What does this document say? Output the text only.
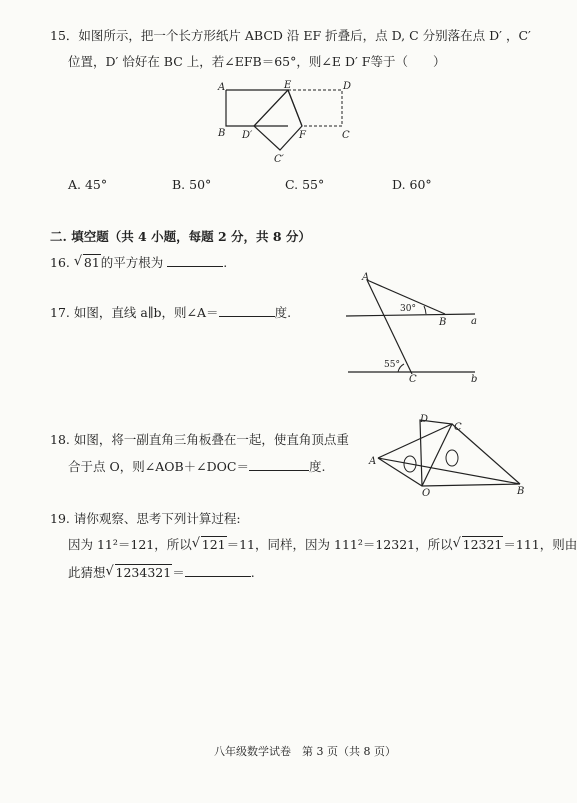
15．如图所示，把一个长方形纸片 ABCD 沿 EF 折叠后，点 D, C 分别落在点 D′ ，C′
位置，D′ 恰好在 BC 上，若∠EFB＝65°，则∠E D′ F等于（　　）
A	E	D
B D′	F	C
C′
A. 45°	B. 50°	C. 55°	D. 60°
二. 填空题（共 4 小题，每题 2 分，共 8 分）
16. √ 81的平方根为	.
17. 如图，直线 a∥b，则∠A＝	度.
A
B
C
a
b
30°
55°
18. 如图，将一副直角三角板叠在一起，使直角顶点重
合于点 O，则∠AOB＋∠DOC＝	度.	A
B
C
D
O
19. 请你观察、思考下列计算过程:
因为 11²＝121，所以 √ 121＝11，同样，因为 111²＝12321，所以 √ 12321＝111，则由
此猜想 √ 1234321＝	.
八年级数学试卷　第 3 页（共 8 页）
